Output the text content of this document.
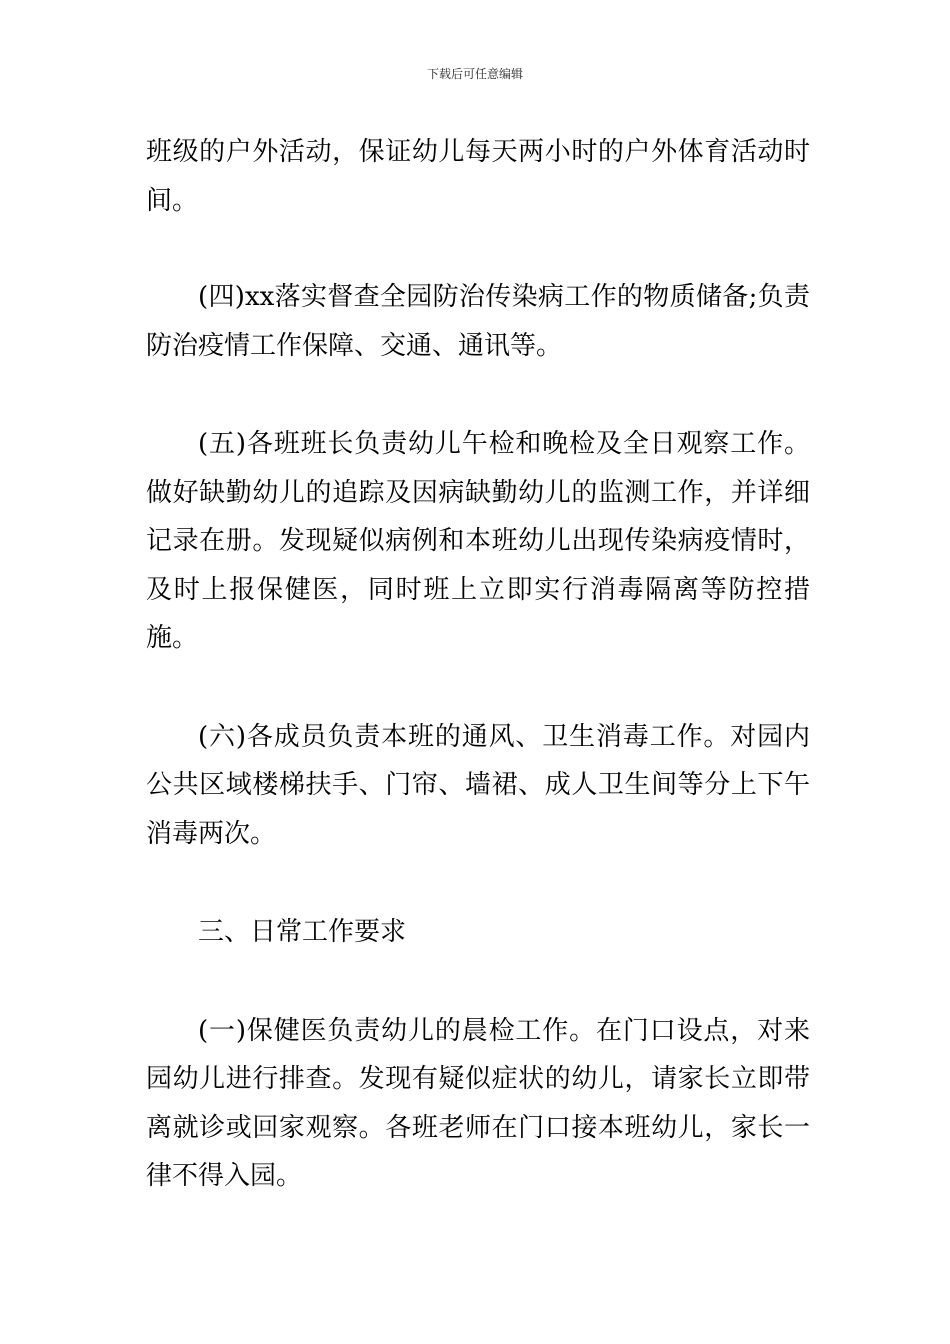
下载后可任意编辑

班级的户外活动，保证幼儿每天两小时的户外体育活动时间。

(四)xx落实督查全园防治传染病工作的物质储备;负责防治疫情工作保障、交通、通讯等。

(五)各班班长负责幼儿午检和晚检及全日观察工作。做好缺勤幼儿的追踪及因病缺勤幼儿的监测工作，并详细记录在册。发现疑似病例和本班幼儿出现传染病疫情时，及时上报保健医，同时班上立即实行消毒隔离等防控措施。

(六)各成员负责本班的通风、卫生消毒工作。对园内公共区域楼梯扶手、门帘、墙裙、成人卫生间等分上下午消毒两次。

三、日常工作要求

(一)保健医负责幼儿的晨检工作。在门口设点，对来园幼儿进行排查。发现有疑似症状的幼儿，请家长立即带离就诊或回家观察。各班老师在门口接本班幼儿，家长一律不得入园。
